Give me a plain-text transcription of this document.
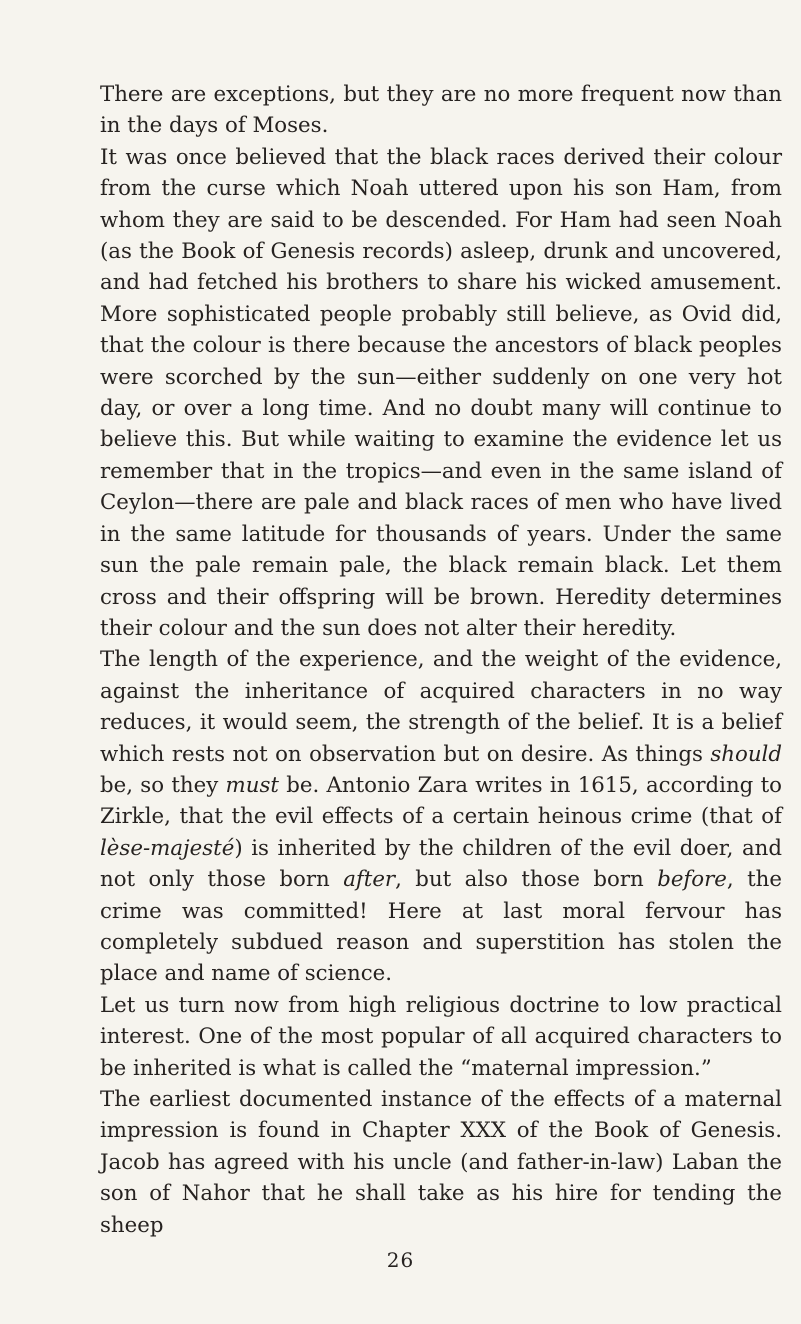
There are exceptions, but they are no more frequent now than in the days of Moses.

It was once believed that the black races derived their colour from the curse which Noah uttered upon his son Ham, from whom they are said to be descended. For Ham had seen Noah (as the Book of Genesis records) asleep, drunk and uncovered, and had fetched his brothers to share his wicked amusement. More sophisticated people probably still believe, as Ovid did, that the colour is there because the ancestors of black peoples were scorched by the sun—either suddenly on one very hot day, or over a long time. And no doubt many will continue to believe this. But while waiting to examine the evidence let us remember that in the tropics—and even in the same island of Ceylon—there are pale and black races of men who have lived in the same latitude for thousands of years. Under the same sun the pale remain pale, the black remain black. Let them cross and their offspring will be brown. Heredity determines their colour and the sun does not alter their heredity.

The length of the experience, and the weight of the evidence, against the inheritance of acquired characters in no way reduces, it would seem, the strength of the belief. It is a belief which rests not on observation but on desire. As things should be, so they must be. Antonio Zara writes in 1615, according to Zirkle, that the evil effects of a certain heinous crime (that of lèse-majesté) is inherited by the children of the evil doer, and not only those born after, but also those born before, the crime was committed! Here at last moral fervour has completely subdued reason and superstition has stolen the place and name of science.

Let us turn now from high religious doctrine to low practical interest. One of the most popular of all acquired characters to be inherited is what is called the “maternal impression.”

The earliest documented instance of the effects of a maternal impression is found in Chapter XXX of the Book of Genesis. Jacob has agreed with his uncle (and father-in-law) Laban the son of Nahor that he shall take as his hire for tending the sheep

26
